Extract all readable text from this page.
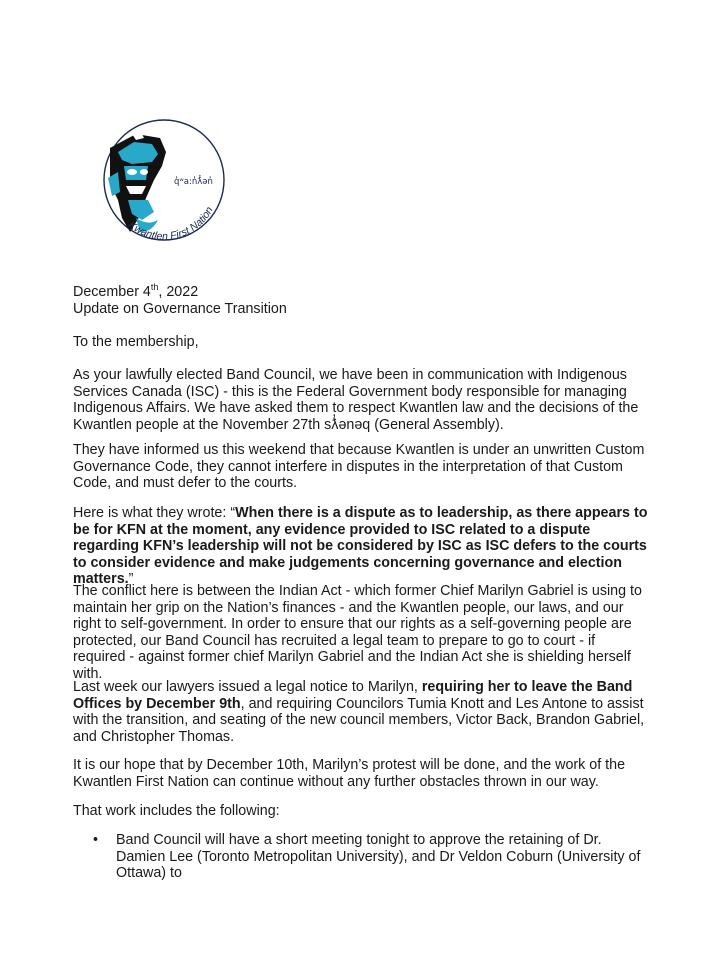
q̓ʷa:n̓ƛ̓ən̓
Kwantlen First Nation

December 4th, 2022

Update on Governance Transition

To the membership,

As your lawfully elected Band Council, we have been in communication with Indigenous Services Canada (ISC) - this is the Federal Government body responsible for managing Indigenous Affairs. We have asked them to respect Kwantlen law and the decisions of the Kwantlen people at the November 27th sƛ̓ənəq (General Assembly).

They have informed us this weekend that because Kwantlen is under an unwritten Custom Governance Code, they cannot interfere in disputes in the interpretation of that Custom Code, and must defer to the courts.

Here is what they wrote: “When there is a dispute as to leadership, as there appears to be for KFN at the moment, any evidence provided to ISC related to a dispute regarding KFN’s leadership will not be considered by ISC as ISC defers to the courts to consider evidence and make judgements concerning governance and election matters.”

The conflict here is between the Indian Act - which former Chief Marilyn Gabriel is using to maintain her grip on the Nation’s finances - and the Kwantlen people, our laws, and our right to self-government. In order to ensure that our rights as a self-governing people are protected, our Band Council has recruited a legal team to prepare to go to court - if required - against former chief Marilyn Gabriel and the Indian Act she is shielding herself with.

Last week our lawyers issued a legal notice to Marilyn, requiring her to leave the Band Offices by December 9th, and requiring Councilors Tumia Knott and Les Antone to assist with the transition, and seating of the new council members, Victor Back, Brandon Gabriel, and Christopher Thomas.

It is our hope that by December 10th, Marilyn’s protest will be done, and the work of the Kwantlen First Nation can continue without any further obstacles thrown in our way.

That work includes the following:

• Band Council will have a short meeting tonight to approve the retaining of Dr. Damien Lee (Toronto Metropolitan University), and Dr Veldon Coburn (University of Ottawa) to
